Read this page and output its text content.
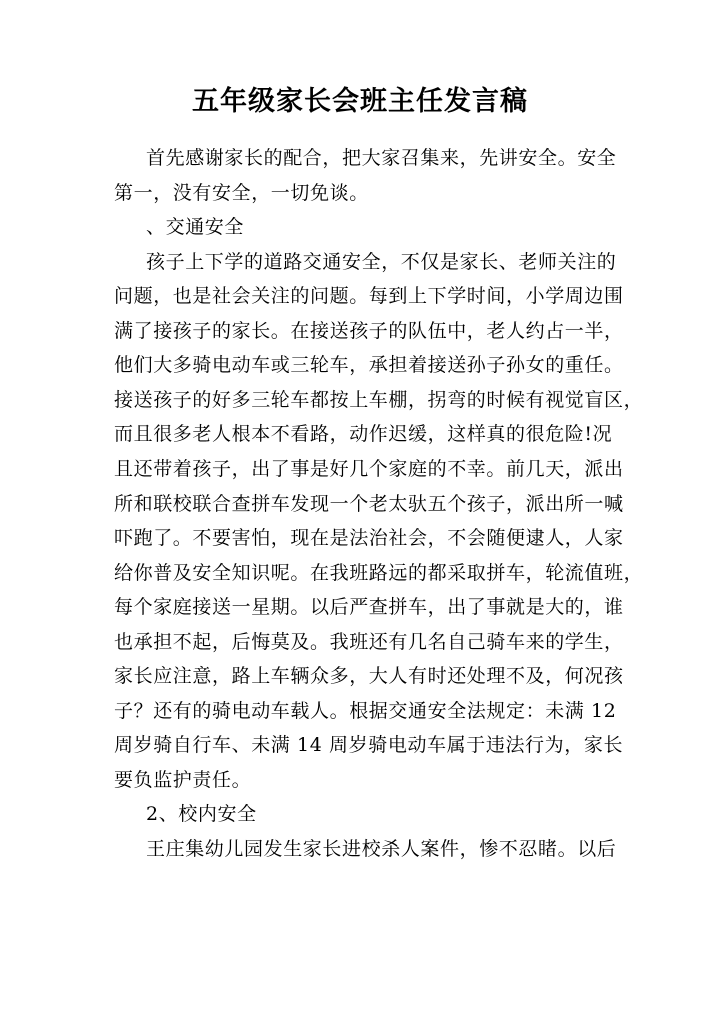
五年级家长会班主任发言稿
首先感谢家长的配合，把大家召集来，先讲安全。安全
第一，没有安全，一切免谈。
、交通安全
孩子上下学的道路交通安全，不仅是家长、老师关注的
问题，也是社会关注的问题。每到上下学时间，小学周边围
满了接孩子的家长。在接送孩子的队伍中，老人约占一半，
他们大多骑电动车或三轮车，承担着接送孙子孙女的重任。
接送孩子的好多三轮车都按上车棚，拐弯的时候有视觉盲区，
而且很多老人根本不看路，动作迟缓，这样真的很危险!况
且还带着孩子，出了事是好几个家庭的不幸。前几天，派出
所和联校联合查拼车发现一个老太驮五个孩子，派出所一喊
吓跑了。不要害怕，现在是法治社会，不会随便逮人，人家
给你普及安全知识呢。在我班路远的都采取拼车，轮流值班，
每个家庭接送一星期。以后严查拼车，出了事就是大的，谁
也承担不起，后悔莫及。我班还有几名自己骑车来的学生，
家长应注意，路上车辆众多，大人有时还处理不及，何况孩
子？还有的骑电动车载人。根据交通安全法规定：未满 12
周岁骑自行车、未满 14 周岁骑电动车属于违法行为，家长
要负监护责任。
2、校内安全
王庄集幼儿园发生家长进校杀人案件，惨不忍睹。以后
